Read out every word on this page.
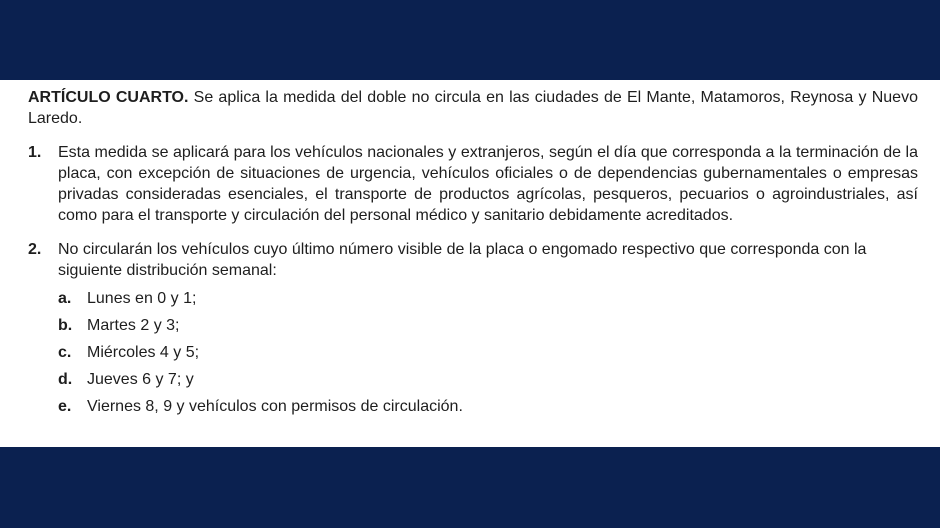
ARTÍCULO CUARTO. Se aplica la medida del doble no circula en las ciudades de El Mante, Matamoros, Reynosa y Nuevo Laredo.

1. Esta medida se aplicará para los vehículos nacionales y extranjeros, según el día que corresponda a la terminación de la placa, con excepción de situaciones de urgencia, vehículos oficiales o de dependencias gubernamentales o empresas privadas consideradas esenciales, el transporte de productos agrícolas, pesqueros, pecuarios o agroindustriales, así como para el transporte y circulación del personal médico y sanitario debidamente acreditados.
2. No circularán los vehículos cuyo último número visible de la placa o engomado respectivo que corresponda con la siguiente distribución semanal:
a. Lunes en 0 y 1;
b. Martes 2 y 3;
c. Miércoles 4 y 5;
d. Jueves 6 y 7; y
e. Viernes 8, 9 y vehículos con permisos de circulación.
